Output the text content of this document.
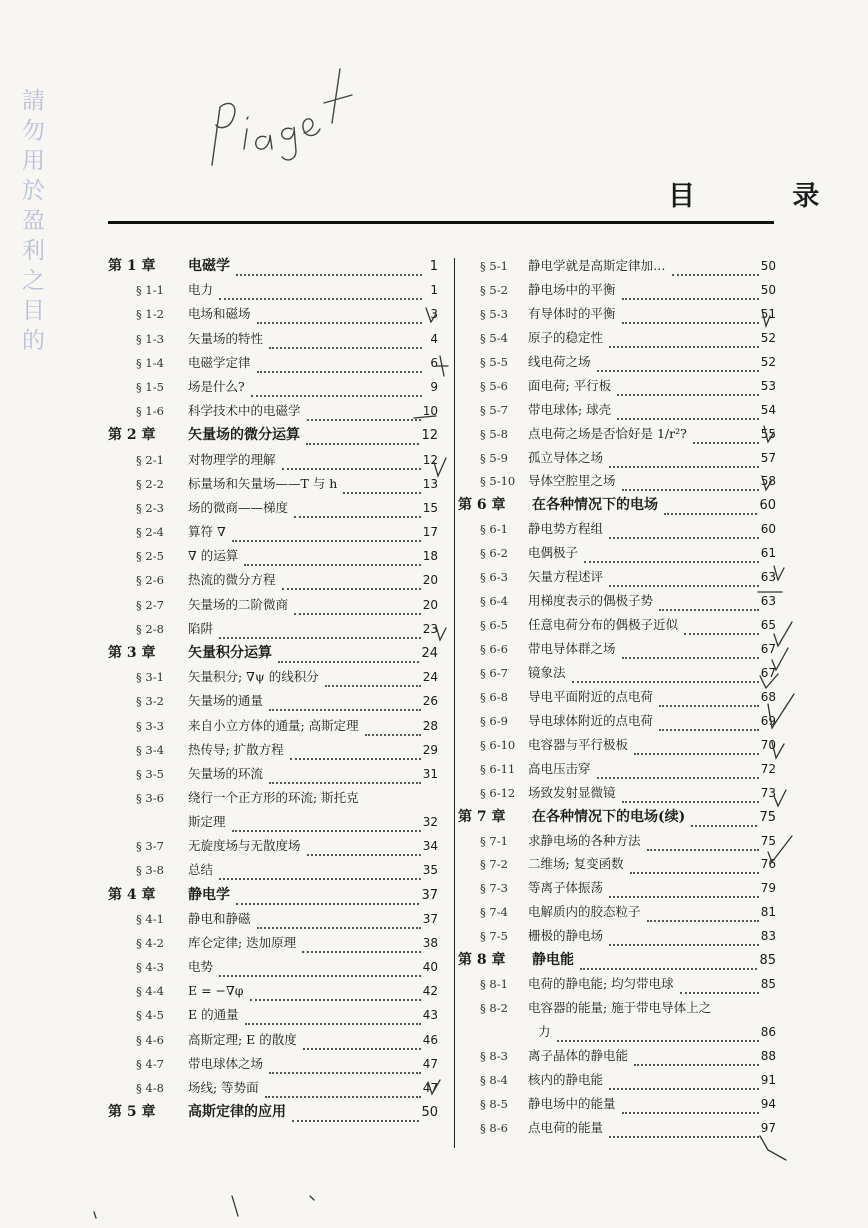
請勿用於盈利之目的
目 录
第 1 章	电磁学	1
§ 1-1	电力	1
§ 1-2	电场和磁场	3
§ 1-3	矢量场的特性	4
§ 1-4	电磁学定律	6
§ 1-5	场是什么?	9
§ 1-6	科学技术中的电磁学	10
第 2 章	矢量场的微分运算	12
§ 2-1	对物理学的理解	12
§ 2-2	标量场和矢量场——T 与 h	13
§ 2-3	场的微商——梯度	15
§ 2-4	算符 ∇	17
§ 2-5	∇ 的运算	18
§ 2-6	热流的微分方程	20
§ 2-7	矢量场的二阶微商	20
§ 2-8	陷阱	23
第 3 章	矢量积分运算	24
§ 3-1	矢量积分; ∇ψ 的线积分	24
§ 3-2	矢量场的通量	26
§ 3-3	来自小立方体的通量; 高斯定理	28
§ 3-4	热传导; 扩散方程	29
§ 3-5	矢量场的环流	31
§ 3-6	绕行一个正方形的环流; 斯托克
斯定理	32
§ 3-7	无旋度场与无散度场	34
§ 3-8	总结	35
第 4 章	静电学	37
§ 4-1	静电和静磁	37
§ 4-2	库仑定律; 迭加原理	38
§ 4-3	电势	40
§ 4-4	E = −∇φ	42
§ 4-5	E 的通量	43
§ 4-6	高斯定理; E 的散度	46
§ 4-7	带电球体之场	47
§ 4-8	场线; 等势面	47
第 5 章	高斯定律的应用	50
§ 5-1	静电学就是高斯定律加…	50
§ 5-2	静电场中的平衡	50
§ 5-3	有导体时的平衡	51
§ 5-4	原子的稳定性	52
§ 5-5	线电荷之场	52
§ 5-6	面电荷; 平行板	53
§ 5-7	带电球体; 球壳	54
§ 5-8	点电荷之场是否恰好是 1/r²?	55
§ 5-9	孤立导体之场	57
§ 5-10	导体空腔里之场	58
第 6 章	在各种情况下的电场	60
§ 6-1	静电势方程组	60
§ 6-2	电偶极子	61
§ 6-3	矢量方程述评	63
§ 6-4	用梯度表示的偶极子势	63
§ 6-5	任意电荷分布的偶极子近似	65
§ 6-6	带电导体群之场	67
§ 6-7	镜象法	67
§ 6-8	导电平面附近的点电荷	68
§ 6-9	导电球体附近的点电荷	69
§ 6-10	电容器与平行极板	70
§ 6-11	高电压击穿	72
§ 6-12	场致发射显微镜	73
第 7 章	在各种情况下的电场(续)	75
§ 7-1	求静电场的各种方法	75
§ 7-2	二维场; 复变函数	76
§ 7-3	等离子体振荡	79
§ 7-4	电解质内的胶态粒子	81
§ 7-5	栅极的静电场	83
第 8 章	静电能	85
§ 8-1	电荷的静电能; 均匀带电球	85
§ 8-2	电容器的能量; 施于带电导体上之
力	86
§ 8-3	离子晶体的静电能	88
§ 8-4	核内的静电能	91
§ 8-5	静电场中的能量	94
§ 8-6	点电荷的能量	97
